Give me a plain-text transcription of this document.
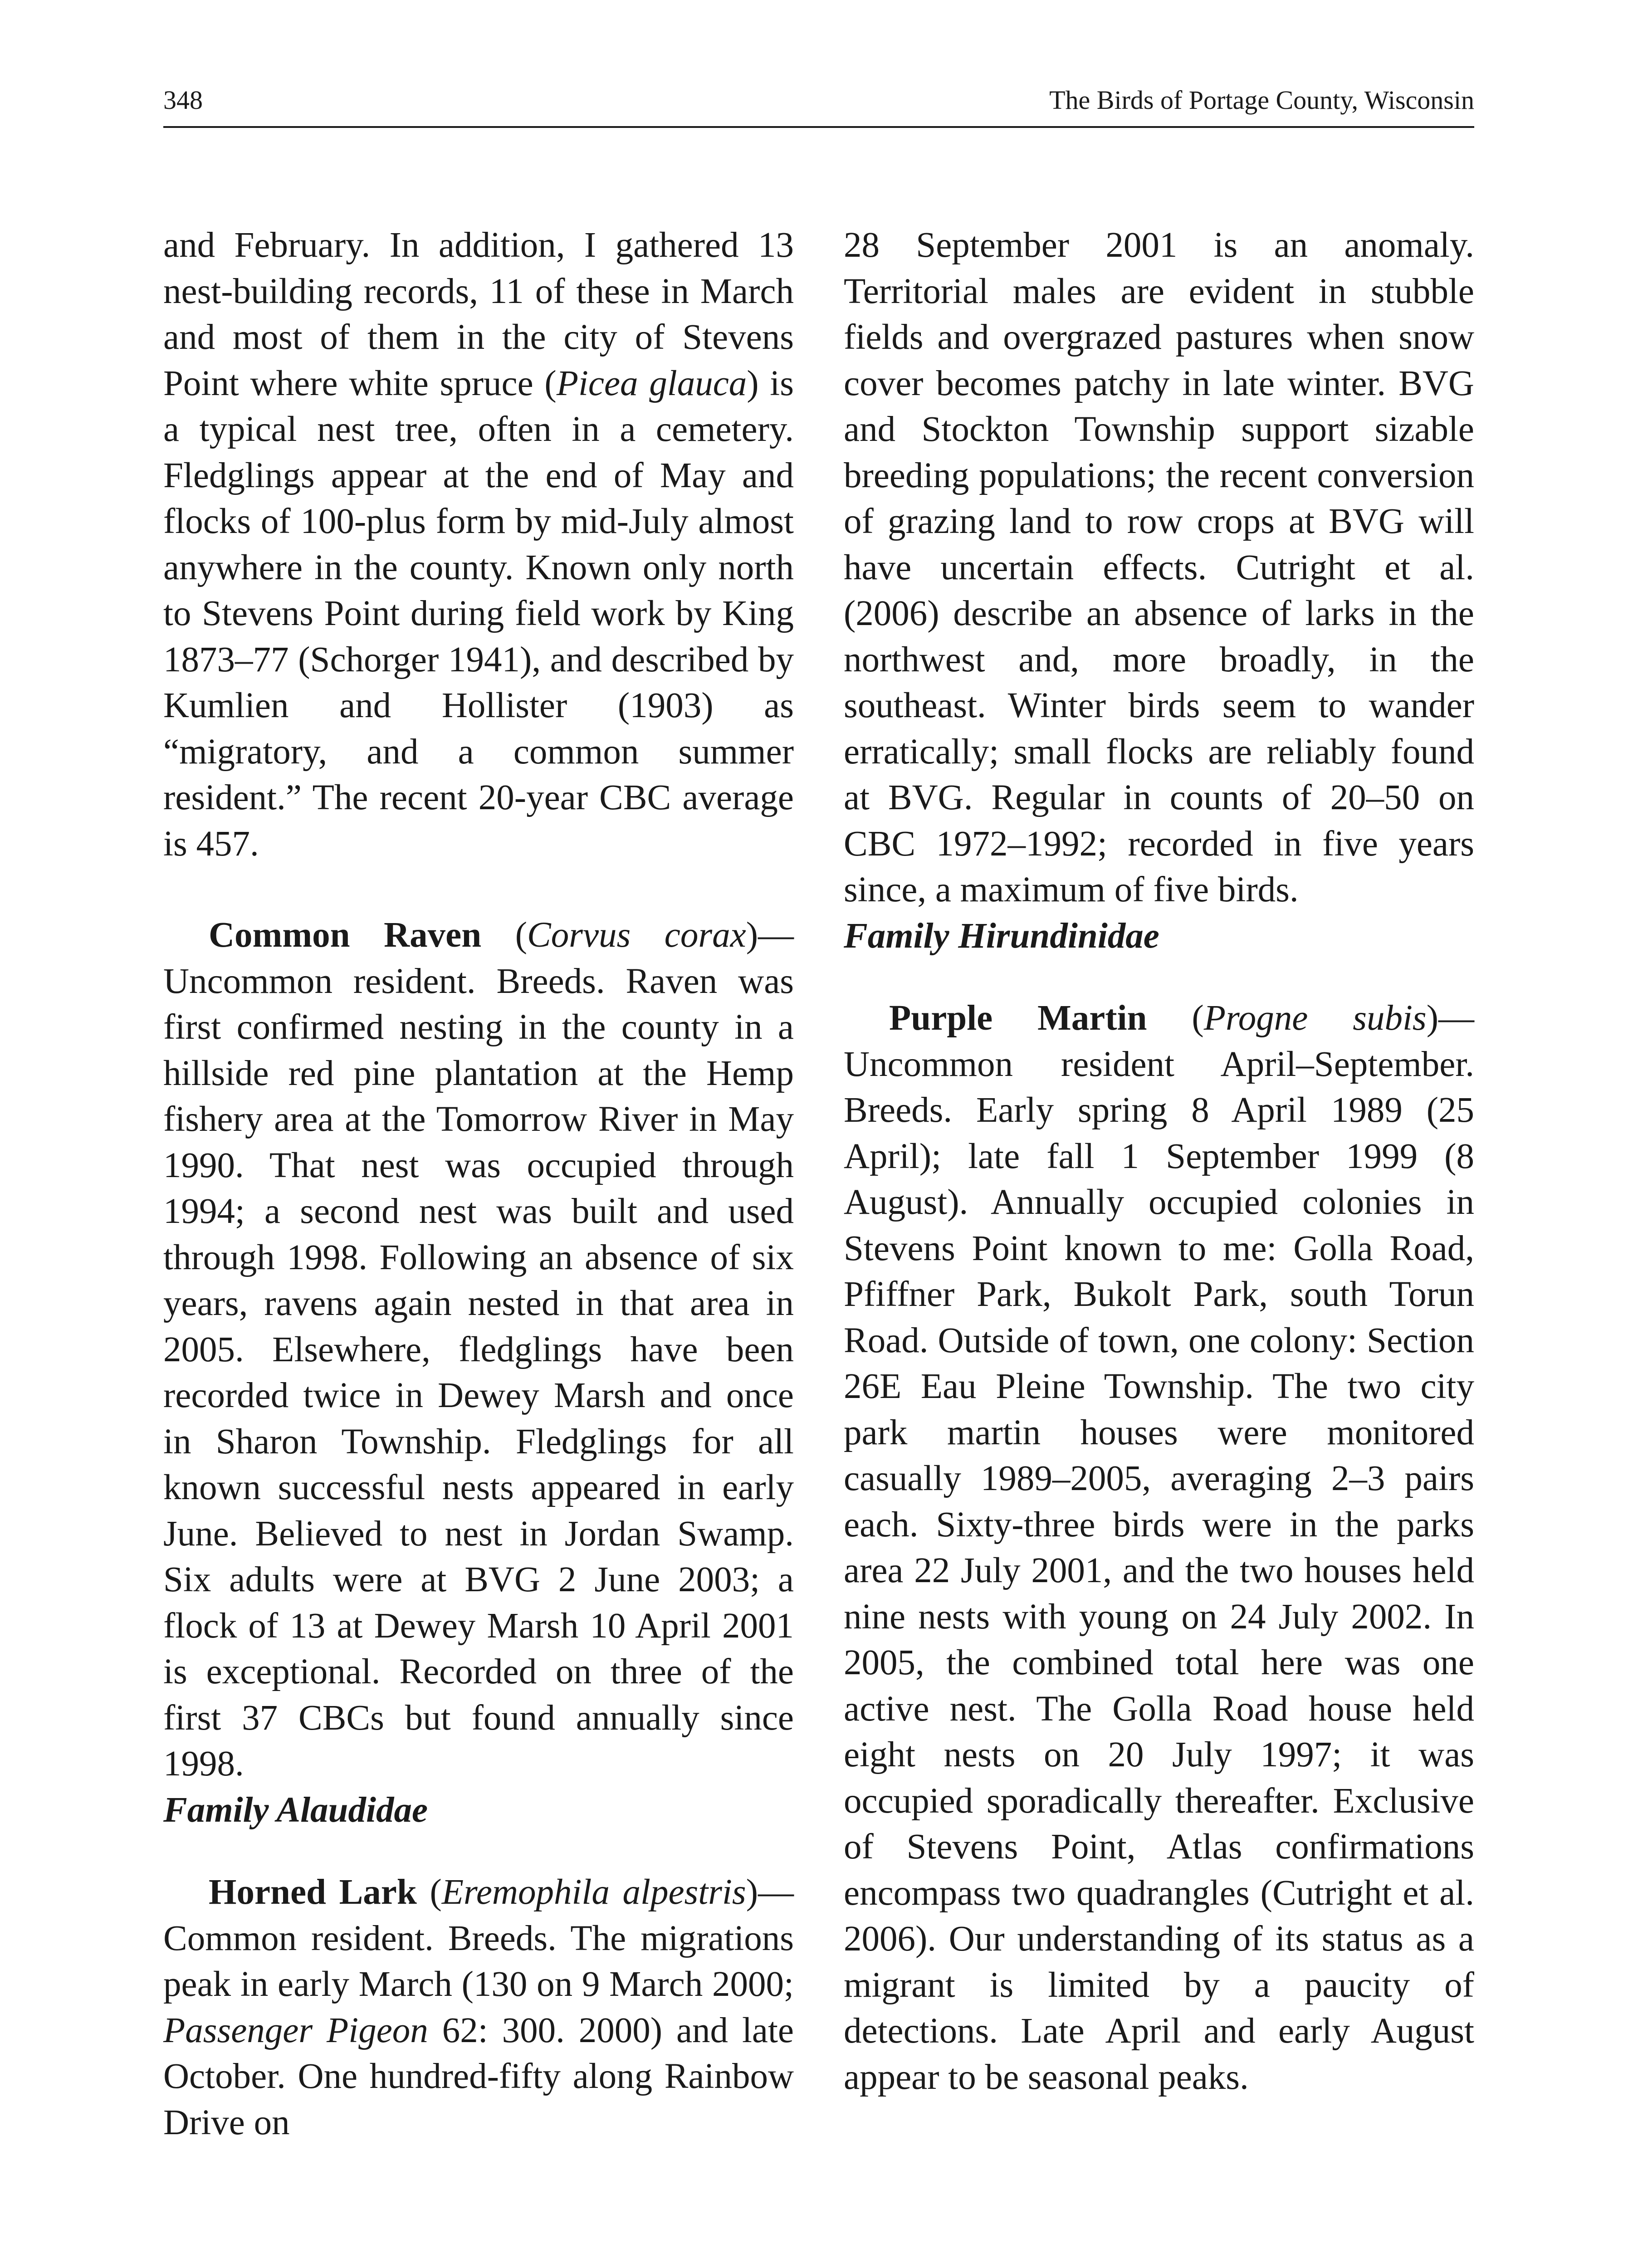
348	The Birds of Portage County, Wisconsin

and February. In addition, I gathered 13 nest-building records, 11 of these in March and most of them in the city of Stevens Point where white spruce (Picea glauca) is a typical nest tree, often in a cemetery. Fledglings appear at the end of May and flocks of 100-plus form by mid-July almost anywhere in the county. Known only north to Stevens Point during field work by King 1873–77 (Schorger 1941), and described by Kumlien and Hollister (1903) as “migratory, and a common summer resident.” The recent 20-year CBC average is 457.

Common Raven (Corvus corax)—Uncommon resident. Breeds. Raven was first confirmed nesting in the county in a hillside red pine plantation at the Hemp fishery area at the Tomorrow River in May 1990. That nest was occupied through 1994; a second nest was built and used through 1998. Following an absence of six years, ravens again nested in that area in 2005. Elsewhere, fledglings have been recorded twice in Dewey Marsh and once in Sharon Township. Fledglings for all known successful nests appeared in early June. Believed to nest in Jordan Swamp. Six adults were at BVG 2 June 2003; a flock of 13 at Dewey Marsh 10 April 2001 is exceptional. Recorded on three of the first 37 CBCs but found annually since 1998.

Family Alaudidae

Horned Lark (Eremophila alpestris)—Common resident. Breeds. The migrations peak in early March (130 on 9 March 2000; Passenger Pigeon 62: 300. 2000) and late October. One hundred-fifty along Rainbow Drive on

28 September 2001 is an anomaly. Territorial males are evident in stubble fields and overgrazed pastures when snow cover becomes patchy in late winter. BVG and Stockton Township support sizable breeding populations; the recent conversion of grazing land to row crops at BVG will have uncertain effects. Cutright et al. (2006) describe an absence of larks in the northwest and, more broadly, in the southeast. Winter birds seem to wander erratically; small flocks are reliably found at BVG. Regular in counts of 20–50 on CBC 1972–1992; recorded in five years since, a maximum of five birds.

Family Hirundinidae

Purple Martin (Progne subis)—Uncommon resident April–September. Breeds. Early spring 8 April 1989 (25 April); late fall 1 September 1999 (8 August). Annually occupied colonies in Stevens Point known to me: Golla Road, Pfiffner Park, Bukolt Park, south Torun Road. Outside of town, one colony: Section 26E Eau Pleine Township. The two city park martin houses were monitored casually 1989–2005, averaging 2–3 pairs each. Sixty-three birds were in the parks area 22 July 2001, and the two houses held nine nests with young on 24 July 2002. In 2005, the combined total here was one active nest. The Golla Road house held eight nests on 20 July 1997; it was occupied sporadically thereafter. Exclusive of Stevens Point, Atlas confirmations encompass two quadrangles (Cutright et al. 2006). Our understanding of its status as a migrant is limited by a paucity of detections. Late April and early August appear to be seasonal peaks.
